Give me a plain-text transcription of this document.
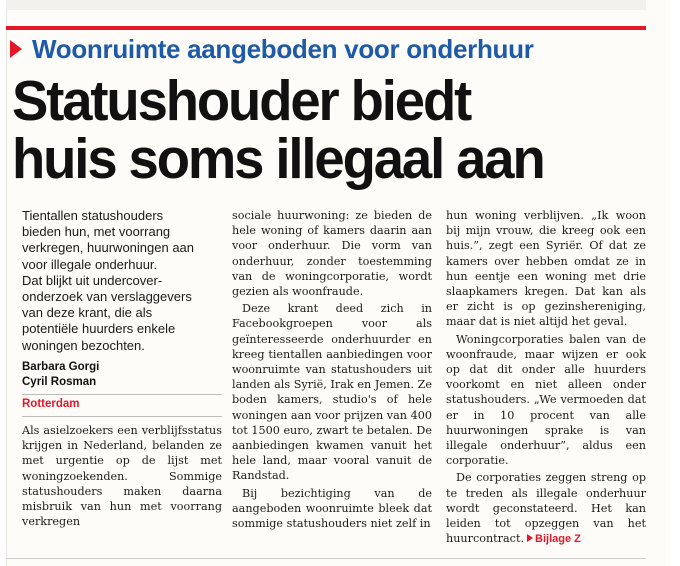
Woonruimte aangeboden voor onderhuur
Statushouder biedt
huis soms illegaal aan
Tientallen statushouders
bieden hun, met voorrang
verkregen, huurwoningen aan
voor illegale onderhuur.
Dat blijkt uit undercover-
onderzoek van verslaggevers
van deze krant, die als
potentiële huurders enkele
woningen bezochten.
Barbara Gorgi
Cyril Rosman
Rotterdam

Als asielzoekers een verblijfsstatus krijgen in Nederland, belanden ze met urgentie op de lijst met woningzoekenden. Sommige statushouders maken daarna misbruik van hun met voorrang verkregen

sociale huurwoning: ze bieden de hele woning of kamers daarin aan voor onderhuur. Die vorm van onderhuur, zonder toestemming van de woningcorporatie, wordt gezien als woonfraude.

Deze krant deed zich in Facebookgroepen voor als geïnteresseerde onderhuurder en kreeg tientallen aanbiedingen voor woonruimte van statushouders uit landen als Syrië, Irak en Jemen. Ze boden kamers, studio's of hele woningen aan voor prijzen van 400 tot 1500 euro, zwart te betalen. De aanbiedingen kwamen vanuit het hele land, maar vooral vanuit de Randstad.

Bij bezichtiging van de aangeboden woonruimte bleek dat sommige statushouders niet zelf in

hun woning verblijven. „Ik woon bij mijn vrouw, die kreeg ook een huis.”, zegt een Syriër. Of dat ze kamers over hebben omdat ze in hun eentje een woning met drie slaapkamers kregen. Dat kan als er zicht is op gezinshereniging, maar dat is niet altijd het geval.

Woningcorporaties balen van de woonfraude, maar wijzen er ook op dat dit onder alle huurders voorkomt en niet alleen onder statushouders. „We vermoeden dat er in 10 procent van alle huurwoningen sprake is van illegale onderhuur”, aldus een corporatie.

De corporaties zeggen streng op te treden als illegale onderhuur wordt geconstateerd. Het kan leiden tot opzeggen van het huurcontract. Bijlage Z
